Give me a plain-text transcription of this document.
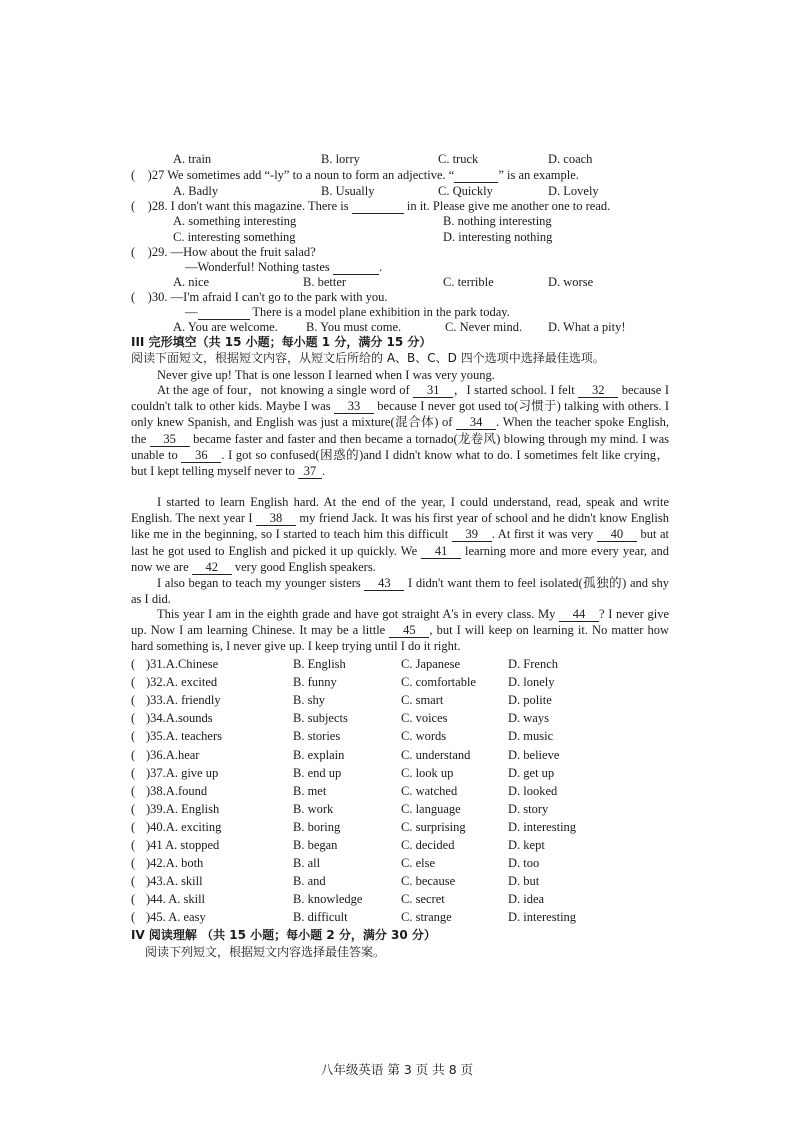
A. train	B. lorry	C. truck	D. coach
( )27 We sometimes add “-ly” to a noun to form an adjective. “	” is an example.
A. Badly	B. Usually	C. Quickly	D. Lovely
( )28. I don't want this magazine. There is	in it. Please give me another one to read.
A. something interesting	B. nothing interesting
C. interesting something	D. interesting nothing
( )29. —How about the fruit salad?
—Wonderful! Nothing tastes	.
A. nice	B. better	C. terrible	D. worse
( )30. —I'm afraid I can't go to the park with you.
—	There is a model plane exhibition in the park today.
A. You are welcome. B. You must come.	C. Never mind. D. What a pity!
III 完形填空（共 15 小题；每小题 1 分，满分 15 分）
阅读下面短文，根据短文内容，从短文后所给的 A、B、C、D 四个选项中选择最佳选项。
Never give up! That is one lesson I learned when I was very young.
At the age of four，not knowing a single word of 31 ，I started school. I felt 32 because I couldn't talk to other kids. Maybe I was 33 because I never got used to(习惯于) talking with others. I only knew Spanish, and English was just a mixture(混合体) of 34 . When the teacher spoke English, the 35 became faster and faster and then became a tornado(龙卷风) blowing through my mind. I was unable to 36 . I got so confused(困惑的)and I didn't know what to do. I sometimes felt like crying，but I kept telling myself never to 37 .
I started to learn English hard. At the end of the year, I could understand, read, speak and write English. The next year I 38 my friend Jack. It was his first year of school and he didn't know English like me in the beginning, so I started to teach him this difficult 39 . At first it was very 40 but at last he got used to English and picked it up quickly. We 41 learning more and more every year, and now we are 42 very good English speakers.
I also began to teach my younger sisters 43 I didn't want them to feel isolated(孤独的) and shy as I did.
This year I am in the eighth grade and have got straight A's in every class. My 44 ? I never give up. Now I am learning Chinese. It may be a little 45 , but I will keep on learning it. No matter how hard something is, I never give up. I keep trying until I do it right.
( )31.A.Chinese	B. English	C. Japanese	D. French
( )32.A. excited	B. funny	C. comfortable	D. lonely
( )33.A. friendly	B. shy	C. smart	D. polite
( )34.A.sounds	B. subjects	C. voices	D. ways
( )35.A. teachers	B. stories	C. words	D. music
( )36.A.hear	B. explain	C. understand	D. believe
( )37.A. give up	B. end up	C. look up	D. get up
( )38.A.found	B. met	C. watched	D. looked
( )39.A. English	B. work	C. language	D. story
( )40.A. exciting	B. boring	C. surprising	D. interesting
( )41 A. stopped	B. began	C. decided	D. kept
( )42.A. both	B. all	C. else	D. too
( )43.A. skill	B. and	C. because	D. but
( )44. A. skill	B. knowledge	C. secret	D. idea
( )45. A. easy	B. difficult	C. strange	D. interesting
IV 阅读理解 （共 15 小题；每小题 2 分，满分 30 分）
阅读下列短文，根据短文内容选择最佳答案。
八年级英语 第 3 页 共 8 页
